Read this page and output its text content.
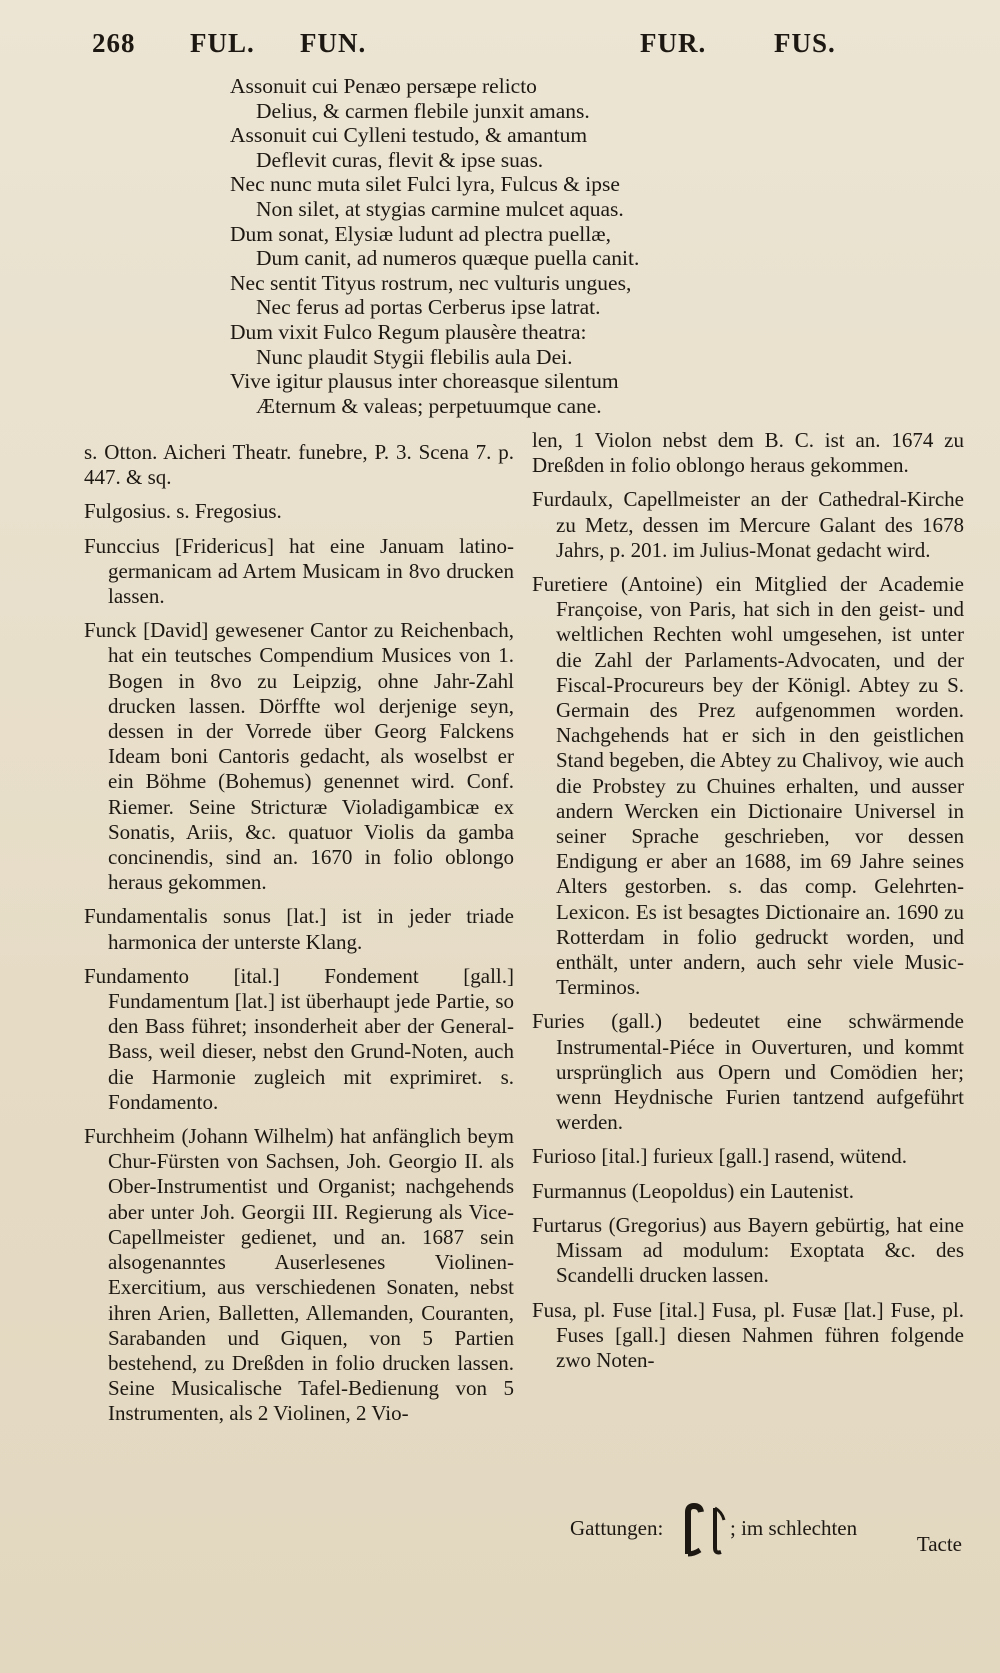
268 FUL. FUN.	FUR.	FUS.
Assonuit cui Penæo persæpe relicto
Delius, & carmen flebile junxit amans.
Assonuit cui Cylleni testudo, & amantum
Deflevit curas, flevit & ipse suas.
Nec nunc muta silet Fulci lyra, Fulcus & ipse
Non silet, at stygias carmine mulcet aquas.
Dum sonat, Elysiæ ludunt ad plectra puellæ,
Dum canit, ad numeros quæque puella canit.
Nec sentit Tityus rostrum, nec vulturis ungues,
Nec ferus ad portas Cerberus ipse latrat.
Dum vixit Fulco Regum plausère theatra:
Nunc plaudit Stygii flebilis aula Dei.
Vive igitur plausus inter choreasque silentum
Æternum & valeas; perpetuumque cane.
s. Otton. Aicheri Theatr. funebre, P. 3. Scena 7. p. 447. & sq.
Fulgosius. s. Fregosius.
Funccius [Fridericus] hat eine Januam latino-germanicam ad Artem Musicam in 8vo drucken lassen.
Funck [David] gewesener Cantor zu Reichenbach, hat ein teutsches Compendium Musices von 1. Bogen in 8vo zu Leipzig, ohne Jahr-Zahl drucken lassen. Dörffte wol derjenige seyn, dessen in der Vorrede über Georg Falckens Ideam boni Cantoris gedacht, als woselbst er ein Böhme (Bohemus) genennet wird. Conf. Riemer. Seine Stricturæ Violadigambicæ ex Sonatis, Ariis, &c. quatuor Violis da gamba concinendis, sind an. 1670 in folio oblongo heraus gekommen.
Fundamentalis sonus [lat.] ist in jeder triade harmonica der unterste Klang.
Fundamento [ital.] Fondement [gall.] Fundamentum [lat.] ist überhaupt jede Partie, so den Bass führet; insonderheit aber der General-Bass, weil dieser, nebst den Grund-Noten, auch die Harmonie zugleich mit exprimiret. s. Fondamento.
Furchheim (Johann Wilhelm) hat anfänglich beym Chur-Fürsten von Sachsen, Joh. Georgio II. als Ober-Instrumentist und Organist; nachgehends aber unter Joh. Georgii III. Regierung als Vice-Capellmeister gedienet, und an. 1687 sein alsogenanntes Auserlesenes Violinen-Exercitium, aus verschiedenen Sonaten, nebst ihren Arien, Balletten, Allemanden, Couranten, Sarabanden und Giquen, von 5 Partien bestehend, zu Dreßden in folio drucken lassen. Seine Musicalische Tafel-Bedienung von 5 Instrumenten, als 2 Violinen, 2 Vio-
len, 1 Violon nebst dem B. C. ist an. 1674 zu Dreßden in folio oblongo heraus gekommen.
Furdaulx, Capellmeister an der Cathedral-Kirche zu Metz, dessen im Mercure Galant des 1678 Jahrs, p. 201. im Julius-Monat gedacht wird.
Furetiere (Antoine) ein Mitglied der Academie Françoise, von Paris, hat sich in den geist- und weltlichen Rechten wohl umgesehen, ist unter die Zahl der Parlaments-Advocaten, und der Fiscal-Procureurs bey der Königl. Abtey zu S. Germain des Prez aufgenommen worden. Nachgehends hat er sich in den geistlichen Stand begeben, die Abtey zu Chalivoy, wie auch die Probstey zu Chuines erhalten, und ausser andern Wercken ein Dictionaire Universel in seiner Sprache geschrieben, vor dessen Endigung er aber an 1688, im 69 Jahre seines Alters gestorben. s. das comp. Gelehrten-Lexicon. Es ist besagtes Dictionaire an. 1690 zu Rotterdam in folio gedruckt worden, und enthält, unter andern, auch sehr viele Music-Terminos.
Furies (gall.) bedeutet eine schwärmende Instrumental-Piéce in Ouverturen, und kommt ursprünglich aus Opern und Comödien her; wenn Heydnische Furien tantzend aufgeführt werden.
Furioso [ital.] furieux [gall.] rasend, wütend.
Furmannus (Leopoldus) ein Lautenist.
Furtarus (Gregorius) aus Bayern gebürtig, hat eine Missam ad modulum: Exoptata &c. des Scandelli drucken lassen.
Fusa, pl. Fuse [ital.] Fusa, pl. Fusæ [lat.] Fuse, pl. Fuses [gall.] diesen Nahmen führen folgende zwo Noten-
Gattungen:	; im schlechten
Tacte
